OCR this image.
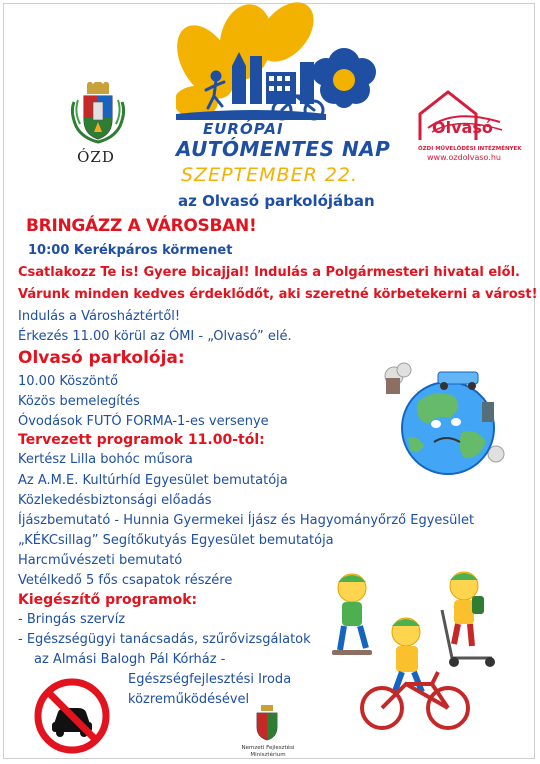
ÓZD
EURÓPAI
AUTÓMENTES NAP
SZEPTEMBER 22.
az Olvasó parkolójában
Olvasó
ÓZDI MŰVELŐDÉSI INTÉZMÉNYEK
www.ozdolvaso.hu
BRINGÁZZ A VÁROSBAN!
10:00 Kerékpáros körmenet
Csatlakozz Te is! Gyere bicajjal! Indulás a Polgármesteri hivatal elől.
Várunk minden kedves érdeklődőt, aki szeretné körbetekerni a várost!
Indulás a Városháztértől!
Érkezés 11.00 körül az ÓMI - „Olvasó” elé.
Olvasó parkolója:
10.00 Köszöntő
Közös bemelegítés
Óvodások FUTÓ FORMA-1-es versenye
Tervezett programok 11.00-tól:
Kertész Lilla bohóc műsora
Az A.M.E. Kultúrhíd Egyesület bemutatója
Közlekedésbiztonsági előadás
Íjászbemutató - Hunnia Gyermekei Íjász és Hagyományőrző Egyesület
„KÉKCsillag” Segítőkutyás Egyesület bemutatója
Harcművészeti bemutató
Vetélkedő 5 fős csapatok részére
Kiegészítő programok:
- Bringás szervíz
- Egészségügyi tanácsadás, szűrővizsgálatok
az Almási Balogh Pál Kórház -
Egészségfejlesztési Iroda
közreműködésével
Nemzeti Fejlesztési
Minisztérium
